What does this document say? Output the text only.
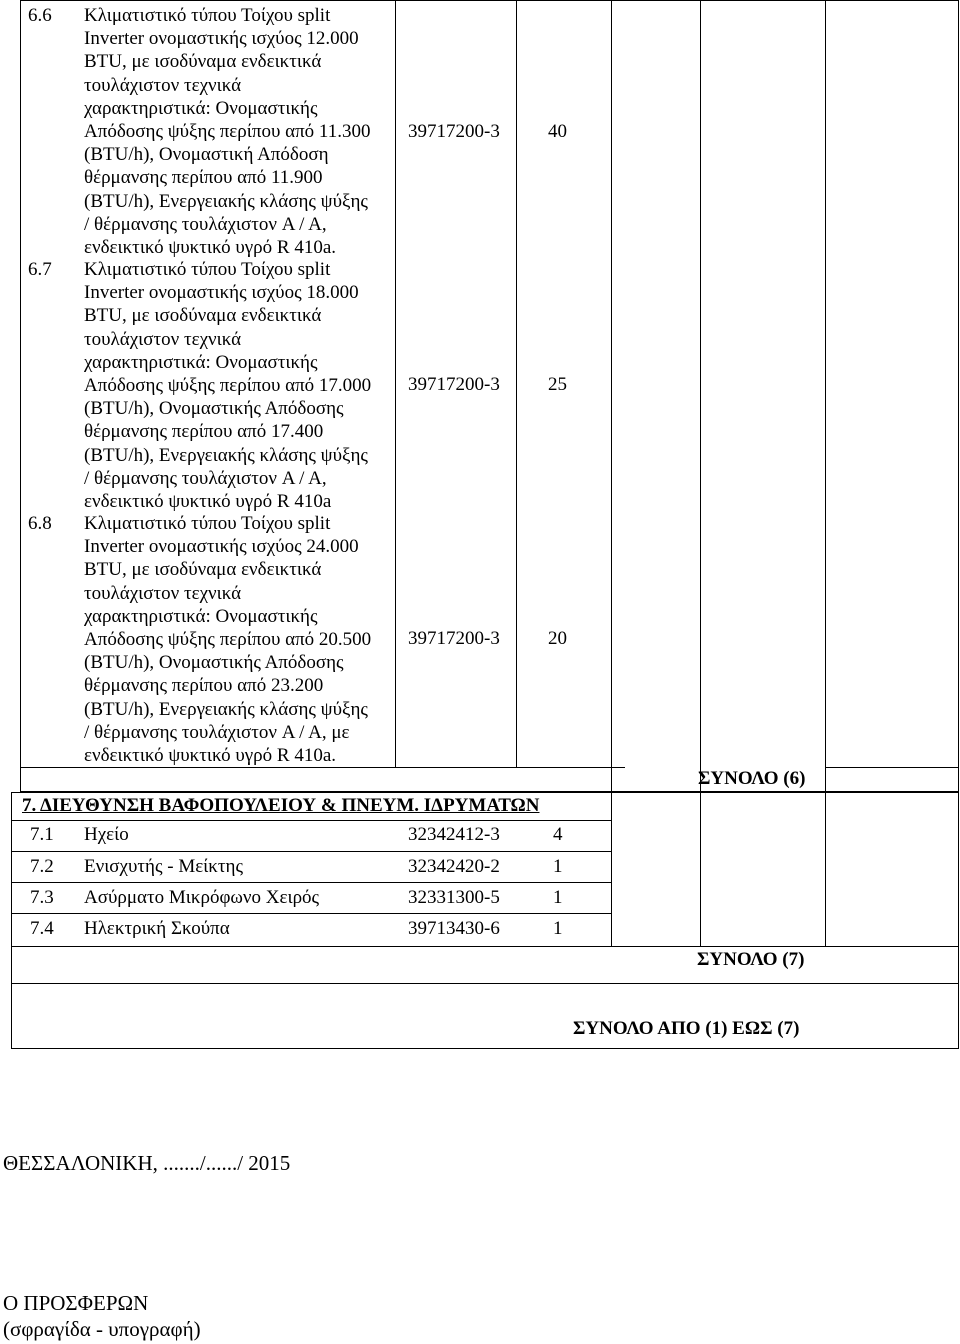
6.6 Κλιματιστικό τύπου Τοίχου split
Inverter ονομαστικής ισχύος 12.000
BTU, με ισοδύναμα ενδεικτικά
τουλάχιστον τεχνικά
χαρακτηριστικά: Ονομαστικής
Απόδοσης ψύξης περίπου από 11.300
(BTU/h), Ονομαστική Απόδοση
θέρμανσης περίπου από 11.900
(BTU/h), Ενεργειακής κλάσης ψύξης
/ θέρμανσης τουλάχιστον A / A,
ενδεικτικό ψυκτικό υγρό R 410a.
39717200-3	40
6.7 Κλιματιστικό τύπου Τοίχου split
Inverter ονομαστικής ισχύος 18.000
BTU, με ισοδύναμα ενδεικτικά
τουλάχιστον τεχνικά
χαρακτηριστικά: Ονομαστικής
Απόδοσης ψύξης περίπου από 17.000
(BTU/h), Ονομαστικής Απόδοσης
θέρμανσης περίπου από 17.400
(BTU/h), Ενεργειακής κλάσης ψύξης
/ θέρμανσης τουλάχιστον A / A,
ενδεικτικό ψυκτικό υγρό R 410a
39717200-3	25
6.8 Κλιματιστικό τύπου Τοίχου split
Inverter ονομαστικής ισχύος 24.000
BTU, με ισοδύναμα ενδεικτικά
τουλάχιστον τεχνικά
χαρακτηριστικά: Ονομαστικής
Απόδοσης ψύξης περίπου από 20.500
(BTU/h), Ονομαστικής Απόδοσης
θέρμανσης περίπου από 23.200
(BTU/h), Ενεργειακής κλάσης ψύξης
/ θέρμανσης τουλάχιστον A / A, με
ενδεικτικό ψυκτικό υγρό R 410a.
39717200-3	20
ΣΥΝΟΛΟ (6)
7. ΔΙΕΥΘΥΝΣΗ ΒΑΦΟΠΟΥΛΕΙΟΥ & ΠΝΕΥΜ. ΙΔΡΥΜΑΤΩΝ
7.1 Ηχείο	32342412-3	4
7.2 Ενισχυτής - Μείκτης	32342420-2	1
7.3 Ασύρματο Μικρόφωνο Χειρός	32331300-5	1
7.4 Ηλεκτρική Σκούπα	39713430-6	1
ΣΥΝΟΛΟ (7)
ΣΥΝΟΛΟ ΑΠΟ (1) ΕΩΣ (7)
ΘΕΣΣΑΛΟΝΙΚΗ, ......./....../ 2015
Ο ΠΡΟΣΦΕΡΩΝ
(σφραγίδα - υπογραφή)
